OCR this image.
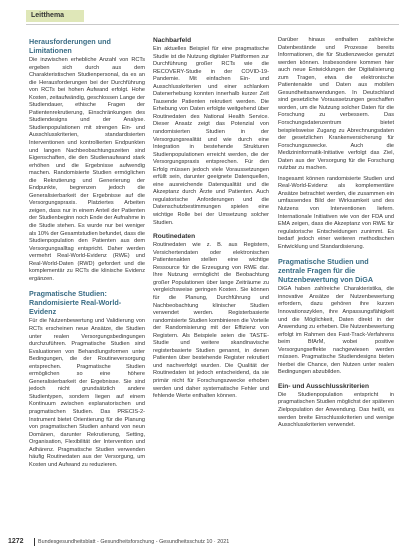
Leitthema
Herausforderungen und Limitationen

Die inzwischen erhebliche Anzahl von RCTs ergeben sich durch aus dem Charakteristischen Studienpersonal, da es an die Herausforderungen bei der Durchführung von RCTs bei hohen Aufwand erfolgt. Hohe Kosten, zeitaufwändig, geschlossen Lange der Studiendauer, ethische Fragen der Patientenrekrutierung, Einschränkungen des Studiendesigns und der Analyse. Studienpopulationen mit strengen Ein- und Ausschlusskriterien, standardisierten Interventionen und kontrollierten Endpunkten und langen Nachbeobachtungszeiten sind Eigenschaften, die den Studienaufwand stark erhöhen und die Ergebnisse aufwendig machen. Randomisierte Studien ermöglichen die Rekrutierung und Generierung der Endpunkte, begrenzen jedoch die Generalisierbarkeit der Ergebnisse auf die Versorgungspraxis. Platziertes Arbeiten zeigen, dass nur in einem Anteil der Patienten der Studienbeginn noch Ende der Aufnahme in die Studie stehen. Es wurde nur bei weniger als 10% der Gesamtstudien befundet, dass die Studienpopulation den Patienten aus dem Versorgungsalltag entspricht. Daher werden vermehrt Real-World-Evidenz (RWE) und Real-World-Daten (RWD) gefordert und die komplementär zu RCTs die klinische Evidenz ergänzen.

Pragmatische Studien: Randomisierte Real-World-Evidenz

Für die Nutzenbewertung und Validierung von RCTs erscheinen neue Ansätze, die Studien unter realen Versorgungsbedingungen durchzuführen. Pragmatische Studien sind Evaluationen von Behandlungsformen unter Bedingungen, die der Routineversorgung entsprechen. Pragmatische Studien ermöglichen so eine höhere Generalisierbarkeit der Ergebnisse. Sie sind jedoch nicht grundsätzlich andere Studientypen, sondern liegen auf einem Kontinuum zwischen explanatorischen und pragmatischen Studien. Das PRECIS-2-Instrument bietet Orientierung für die Planung von pragmatischen Studien anhand von neun Domänen, darunter Rekrutierung, Setting, Organisation, Flexibilität der Intervention und Adhärenz. Pragmatische Studien verwenden häufig Routinedaten aus der Versorgung, um Kosten und Aufwand zu reduzieren.

Nachbarfeld

Ein aktuelles Beispiel für eine pragmatische Studie ist die Nutzung digitaler Plattformen zur Durchführung großer RCTs wie die RECOVERY-Studie in der COVID-19-Pandemie. Mit einfachen Ein- und Ausschlusskriterien und einer schlanken Datenerhebung konnten innerhalb kurzer Zeit Tausende Patienten rekrutiert werden. Die Erhebung von Daten erfolgte weitgehend über Routinedaten des National Health Service. Dieser Ansatz zeigt das Potenzial von randomisierten Studien in der Versorgungsrealität und wie durch eine Integration in bestehende Strukturen Studienpopulationen erreicht werden, die der Versorgungspraxis entsprechen. Für den Erfolg müssen jedoch viele Voraussetzungen erfüllt sein, darunter geeignete Datenquellen, eine ausreichende Datenqualität und die Akzeptanz durch Ärzte und Patienten. Auch regulatorische Anforderungen und die Datenschutzbestimmungen spielen eine wichtige Rolle bei der Umsetzung solcher Studien.

Routinedaten

Routinedaten wie z. B. aus Registern, Versichertendaten oder elektronischen Patientenakten stellen eine wichtige Ressource für die Erzeugung von RWE dar. Ihre Nutzung ermöglicht die Beobachtung großer Populationen über lange Zeiträume zu vergleichsweise geringen Kosten. Sie können für die Planung, Durchführung und Nachbeobachtung klinischer Studien verwendet werden. Registerbasierte randomisierte Studien kombinieren die Vorteile der Randomisierung mit der Effizienz von Registern. Als Beispiele seien die TASTE-Studie und weitere skandinavische registerbasierte Studien genannt, in denen Patienten über bestehende Register rekrutiert und nachverfolgt wurden. Die Qualität der Routinedaten ist jedoch entscheidend, da sie primär nicht für Forschungszwecke erhoben werden und daher systematische Fehler und fehlende Werte enthalten können.

Darüber hinaus enthalten zahlreiche Datenbestände und Prozesse bereits Informationen, die für Studienzwecke genutzt werden können. Insbesondere kommen hier auch neue Entwicklungen der Digitalisierung zum Tragen, etwa die elektronische Patientenakte und Daten aus mobilen Gesundheitsanwendungen. In Deutschland sind gesetzliche Voraussetzungen geschaffen worden, um die Nutzung solcher Daten für die Forschung zu verbessern. Das Forschungsdatenzentrum bietet beispielsweise Zugang zu Abrechnungsdaten der gesetzlichen Krankenversicherung für Forschungszwecke. Auch die Medizininformatik-Initiative verfolgt das Ziel, Daten aus der Versorgung für die Forschung nutzbar zu machen.

Insgesamt können randomisierte Studien und Real-World-Evidenz als komplementäre Ansätze betrachtet werden, die zusammen ein umfassendes Bild der Wirksamkeit und des Nutzens von Interventionen liefern. Internationale Initiativen wie von der FDA und EMA zeigen, dass die Akzeptanz von RWE für regulatorische Entscheidungen zunimmt. Es bedarf jedoch einer weiteren methodischen Entwicklung und Standardisierung.

Pragmatische Studien und zentrale Fragen für die Nutzenbewertung von DiGA

DiGA haben zahlreiche Charakteristika, die innovative Ansätze der Nutzenbewertung erfordern, dazu gehören ihre kurzen Innovationszyklen, ihre Anpassungsfähigkeit und die Möglichkeit, Daten direkt in der Anwendung zu erheben. Die Nutzenbewertung erfolgt im Rahmen des Fast-Track-Verfahrens beim BfArM, wobei positive Versorgungseffekte nachgewiesen werden müssen. Pragmatische Studiendesigns bieten hierbei die Chance, den Nutzen unter realen Bedingungen abzubilden.

Ein- und Ausschlusskriterien

Die Studienpopulation entspricht in pragmatischen Studien möglichst der späteren Zielpopulation der Anwendung. Das heißt, es werden breite Einschlusskriterien und wenige Ausschlusskriterien verwendet.

1272	Bundesgesundheitsblatt - Gesundheitsforschung - Gesundheitsschutz 10 · 2021
